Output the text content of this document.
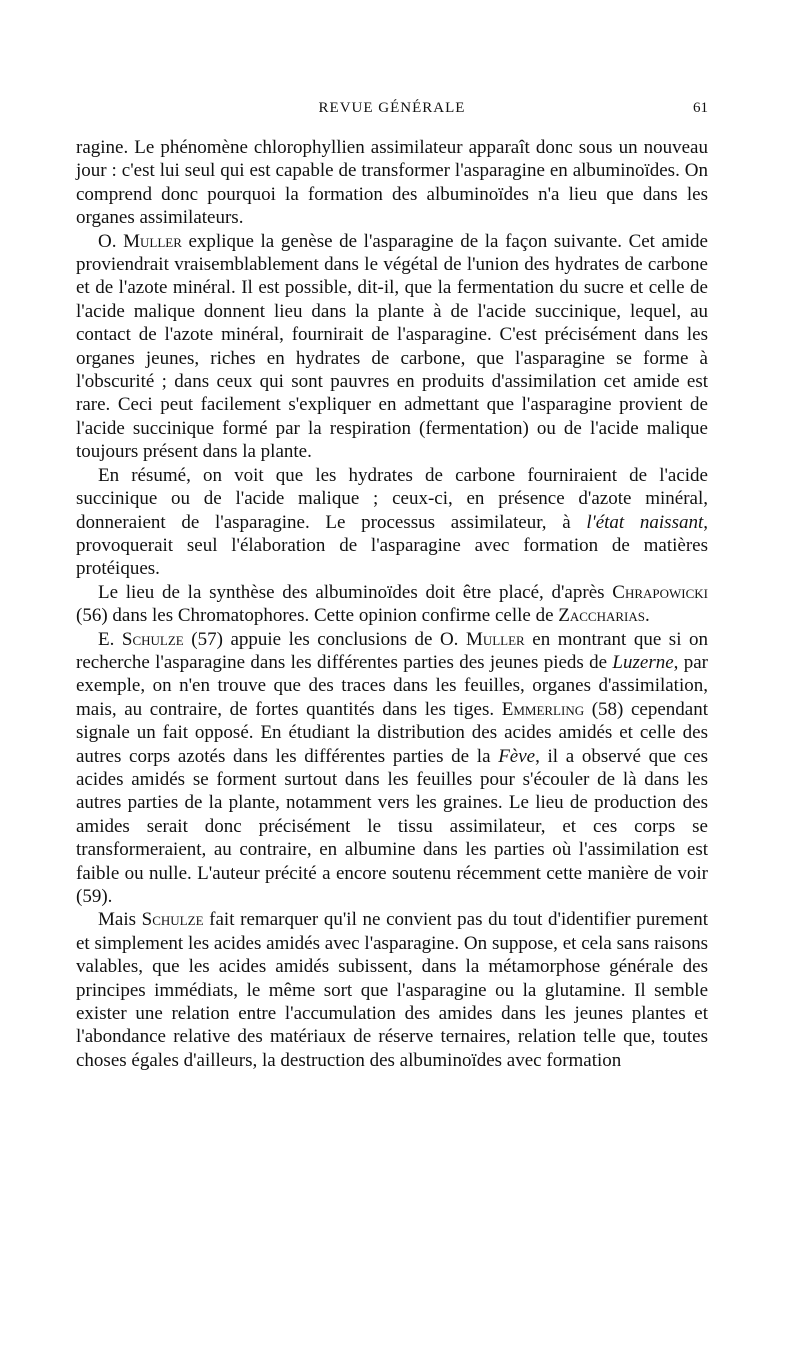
REVUE GÉNÉRALE	61

ragine. Le phénomène chlorophyllien assimilateur apparaît donc sous un nouveau jour : c'est lui seul qui est capable de transformer l'asparagine en albuminoïdes. On comprend donc pourquoi la formation des albuminoïdes n'a lieu que dans les organes assimilateurs.

O. Muller explique la genèse de l'asparagine de la façon suivante. Cet amide proviendrait vraisemblablement dans le végétal de l'union des hydrates de carbone et de l'azote minéral. Il est possible, dit-il, que la fermentation du sucre et celle de l'acide malique donnent lieu dans la plante à de l'acide succinique, lequel, au contact de l'azote minéral, fournirait de l'asparagine. C'est précisément dans les organes jeunes, riches en hydrates de carbone, que l'asparagine se forme à l'obscurité ; dans ceux qui sont pauvres en produits d'assimilation cet amide est rare. Ceci peut facilement s'expliquer en admettant que l'asparagine provient de l'acide succinique formé par la respiration (fermentation) ou de l'acide malique toujours présent dans la plante.

En résumé, on voit que les hydrates de carbone fourniraient de l'acide succinique ou de l'acide malique ; ceux-ci, en présence d'azote minéral, donneraient de l'asparagine. Le processus assimilateur, à l'état naissant, provoquerait seul l'élaboration de l'asparagine avec formation de matières protéiques.

Le lieu de la synthèse des albuminoïdes doit être placé, d'après Chrapowicki (56) dans les Chromatophores. Cette opinion confirme celle de Zaccharias.

E. Schulze (57) appuie les conclusions de O. Muller en montrant que si on recherche l'asparagine dans les différentes parties des jeunes pieds de Luzerne, par exemple, on n'en trouve que des traces dans les feuilles, organes d'assimilation, mais, au contraire, de fortes quantités dans les tiges. Emmerling (58) cependant signale un fait opposé. En étudiant la distribution des acides amidés et celle des autres corps azotés dans les différentes parties de la Fève, il a observé que ces acides amidés se forment surtout dans les feuilles pour s'écouler de là dans les autres parties de la plante, notamment vers les graines. Le lieu de production des amides serait donc précisément le tissu assimilateur, et ces corps se transformeraient, au contraire, en albumine dans les parties où l'assimilation est faible ou nulle. L'auteur précité a encore soutenu récemment cette manière de voir (59).

Mais Schulze fait remarquer qu'il ne convient pas du tout d'identifier purement et simplement les acides amidés avec l'asparagine. On suppose, et cela sans raisons valables, que les acides amidés subissent, dans la métamorphose générale des principes immédiats, le même sort que l'asparagine ou la glutamine. Il semble exister une relation entre l'accumulation des amides dans les jeunes plantes et l'abondance relative des matériaux de réserve ternaires, relation telle que, toutes choses égales d'ailleurs, la destruction des albuminoïdes avec formation
